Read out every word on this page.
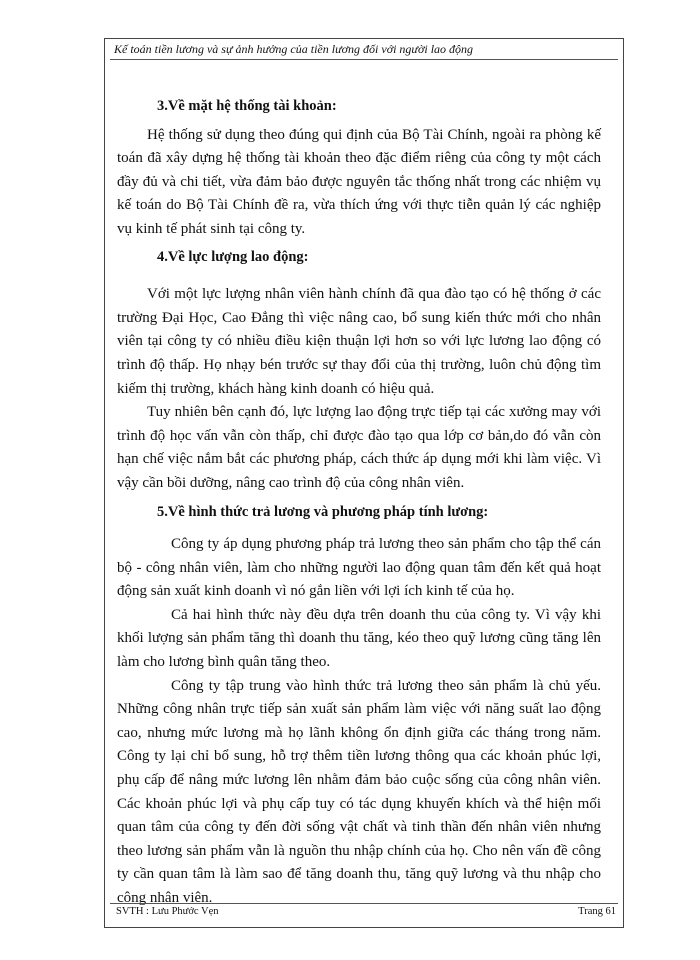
Kế toán tiền lương và sự ảnh hưởng của tiền lương đối với người lao động
3.Về mặt hệ thống tài khoản:

Hệ thống sử dụng theo đúng qui định của Bộ Tài Chính, ngoài ra phòng kế toán đã xây dựng hệ thống tài khoản theo đặc điểm riêng của công ty một cách đầy đủ và chi tiết, vừa đảm bảo được nguyên tắc thống nhất trong các nhiệm vụ kế toán do Bộ Tài Chính đề ra, vừa thích ứng với thực tiễn quản lý các nghiệp vụ kinh tế phát sinh tại công ty.

4.Về lực lượng lao động:

Với một lực lượng nhân viên hành chính đã qua đào tạo có hệ thống ở các trường Đại Học, Cao Đẳng thì việc nâng cao, bổ sung kiến thức mới cho nhân viên tại công ty có nhiều điều kiện thuận lợi hơn so với lực lương lao động có trình độ thấp. Họ nhạy bén trước sự thay đổi của thị trường, luôn chủ động tìm kiếm thị trường, khách hàng kinh doanh có hiệu quả.

Tuy nhiên bên cạnh đó, lực lượng lao động trực tiếp tại các xưởng may với trình độ học vấn vẫn còn thấp, chỉ được đào tạo qua lớp cơ bản,do đó vẫn còn hạn chế việc nắm bắt các phương pháp, cách thức áp dụng mới khi làm việc. Vì vậy cần bồi dưỡng, nâng cao trình độ của công nhân viên.

5.Về hình thức trả lương và phương pháp tính lương:

Công ty áp dụng phương pháp trả lương theo sản phẩm cho tập thể cán bộ - công nhân viên, làm cho những người lao động quan tâm đến kết quả hoạt động sản xuất kinh doanh vì nó gắn liền với lợi ích kinh tế của họ.

Cả hai hình thức này đều dựa trên doanh thu của công ty. Vì vậy khi khối lượng sản phẩm tăng thì doanh thu tăng, kéo theo quỹ lương cũng tăng lên làm cho lương bình quân tăng theo.

Công ty tập trung vào hình thức trả lương theo sản phẩm là chủ yếu. Những công nhân trực tiếp sản xuất sản phẩm làm việc với năng suất lao động cao, nhưng mức lương mà họ lãnh không ổn định giữa các tháng trong năm. Công ty lại chỉ bổ sung, hỗ trợ thêm tiền lương thông qua các khoản phúc lợi, phụ cấp để nâng mức lương lên nhằm đảm bảo cuộc sống của công nhân viên. Các khoản phúc lợi và phụ cấp tuy có tác dụng khuyến khích và thể hiện mối quan tâm của công ty đến đời sống vật chất và tinh thần đến nhân viên nhưng theo lương sản phẩm vẫn là nguồn thu nhập chính của họ. Cho nên vấn đề công ty cần quan tâm là làm sao để tăng doanh thu, tăng quỹ lương và thu nhập cho công nhân viên.

SVTH : Lưu Phước Vẹn	Trang 61
